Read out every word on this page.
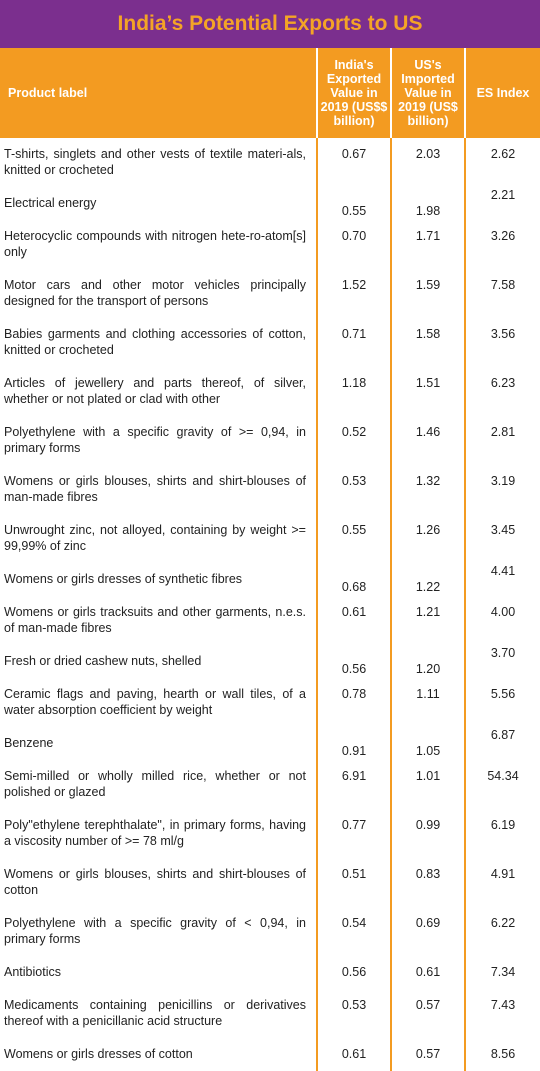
India’s Potential Exports to US
Product label	India's Exported Value in 2019 (US$$ billion)	US's Imported Value in 2019 (US$ billion)	ES Index
T-shirts, singlets and other vests of textile materi-als, knitted or crocheted	0.67	2.03	2.62
Electrical energy	0.55	1.98	2.21
Heterocyclic compounds with nitrogen hete-ro-atom[s] only	0.70	1.71	3.26
Motor cars and other motor vehicles principally designed for the transport of persons	1.52	1.59	7.58
Babies garments and clothing accessories of cotton, knitted or crocheted	0.71	1.58	3.56
Articles of jewellery and parts thereof, of silver, whether or not plated or clad with other	1.18	1.51	6.23
Polyethylene with a specific gravity of >= 0,94, in primary forms	0.52	1.46	2.81
Womens or girls blouses, shirts and shirt-blouses of man-made fibres	0.53	1.32	3.19
Unwrought zinc, not alloyed, containing by weight >= 99,99% of zinc	0.55	1.26	3.45
Womens or girls dresses of synthetic fibres	0.68	1.22	4.41
Womens or girls tracksuits and other garments, n.e.s. of man-made fibres	0.61	1.21	4.00
Fresh or dried cashew nuts, shelled	0.56	1.20	3.70
Ceramic flags and paving, hearth or wall tiles, of a water absorption coefficient by weight	0.78	1.11	5.56
Benzene	0.91	1.05	6.87
Semi-milled or wholly milled rice, whether or not polished or glazed	6.91	1.01	54.34
Poly"ethylene terephthalate", in primary forms, having a viscosity number of >= 78 ml/g	0.77	0.99	6.19
Womens or girls blouses, shirts and shirt-blouses of cotton	0.51	0.83	4.91
Polyethylene with a specific gravity of < 0,94, in primary forms	0.54	0.69	6.22
Antibiotics	0.56	0.61	7.34
Medicaments containing penicillins or derivatives thereof with a penicillanic acid structure	0.53	0.57	7.43
Womens or girls dresses of cotton	0.61	0.57	8.56
